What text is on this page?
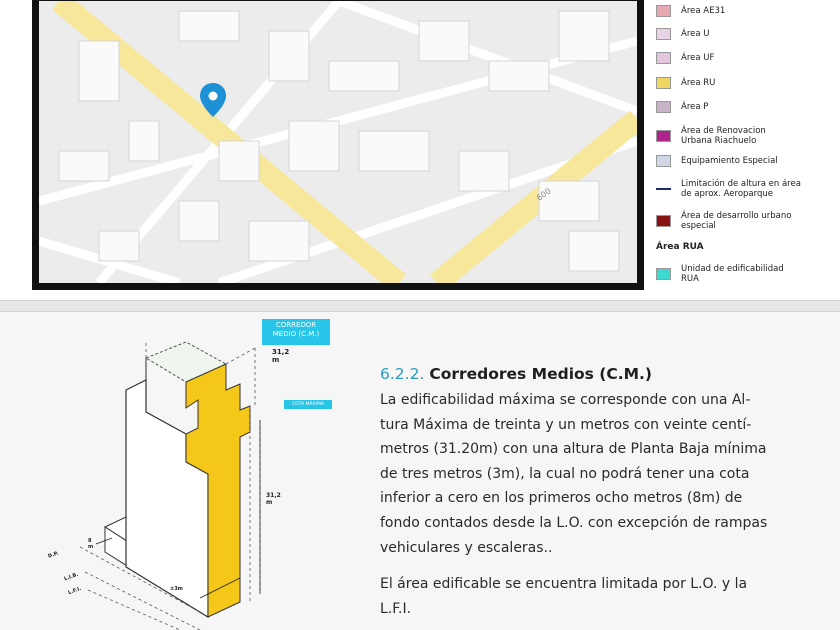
600
Área AE31
Área U
Área UF
Área RU
Área P
Área de Renovacion
Urbana Riachuelo
Equipamiento Especial
Limitación de altura en área
de aprox. Aeroparque
Área de desarrollo urbano
especial
Área RUA
Unidad de edificabilidad
RUA
CORREDOR
MEDIO (C.M.)
31,2 m
COTA MÁXIMA
31,2 m
8 m
±3m
D.P.
L.I.B.
L.F.I.
6.2.2. Corredores Medios (C.M.)

La edificabilidad máxima se corresponde con una Al-
tura Máxima de treinta y un metros con veinte centí-
metros (31.20m) con una altura de Planta Baja mínima
de tres metros (3m), la cual no podrá tener una cota
inferior a cero en los primeros ocho metros (8m) de
fondo contados desde la L.O. con excepción de rampas
vehiculares y escaleras..

El área edificable se encuentra limitada por L.O. y la
L.F.I.
